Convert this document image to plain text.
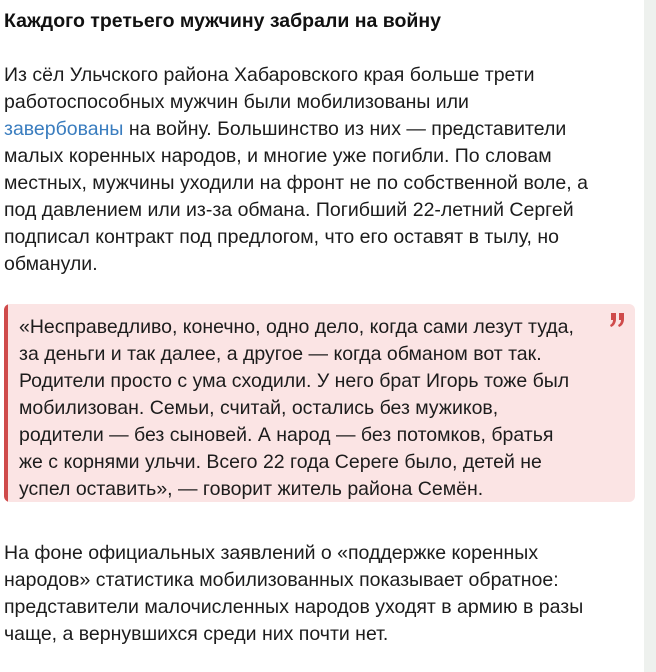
Каждого третьего мужчину забрали на войну

Из сёл Ульчского района Хабаровского края больше трети
работоспособных мужчин были мобилизованы или
завербованы на войну. Большинство из них — представители
малых коренных народов, и многие уже погибли. По словам
местных, мужчины уходили на фронт не по собственной воле, а
под давлением или из-за обмана. Погибший 22-летний Сергей
подписал контракт под предлогом, что его оставят в тылу, но
обманули.

«Несправедливо, конечно, одно дело, когда сами лезут туда,
за деньги и так далее, а другое — когда обманом вот так.
Родители просто с ума сходили. У него брат Игорь тоже был
мобилизован. Семьи, считай, остались без мужиков,
родители — без сыновей. А народ — без потомков, братья
же с корнями ульчи. Всего 22 года Сереге было, детей не
успел оставить», — говорит житель района Семён.

На фоне официальных заявлений о «поддержке коренных
народов» статистика мобилизованных показывает обратное:
представители малочисленных народов уходят в армию в разы
чаще, а вернувшихся среди них почти нет.
